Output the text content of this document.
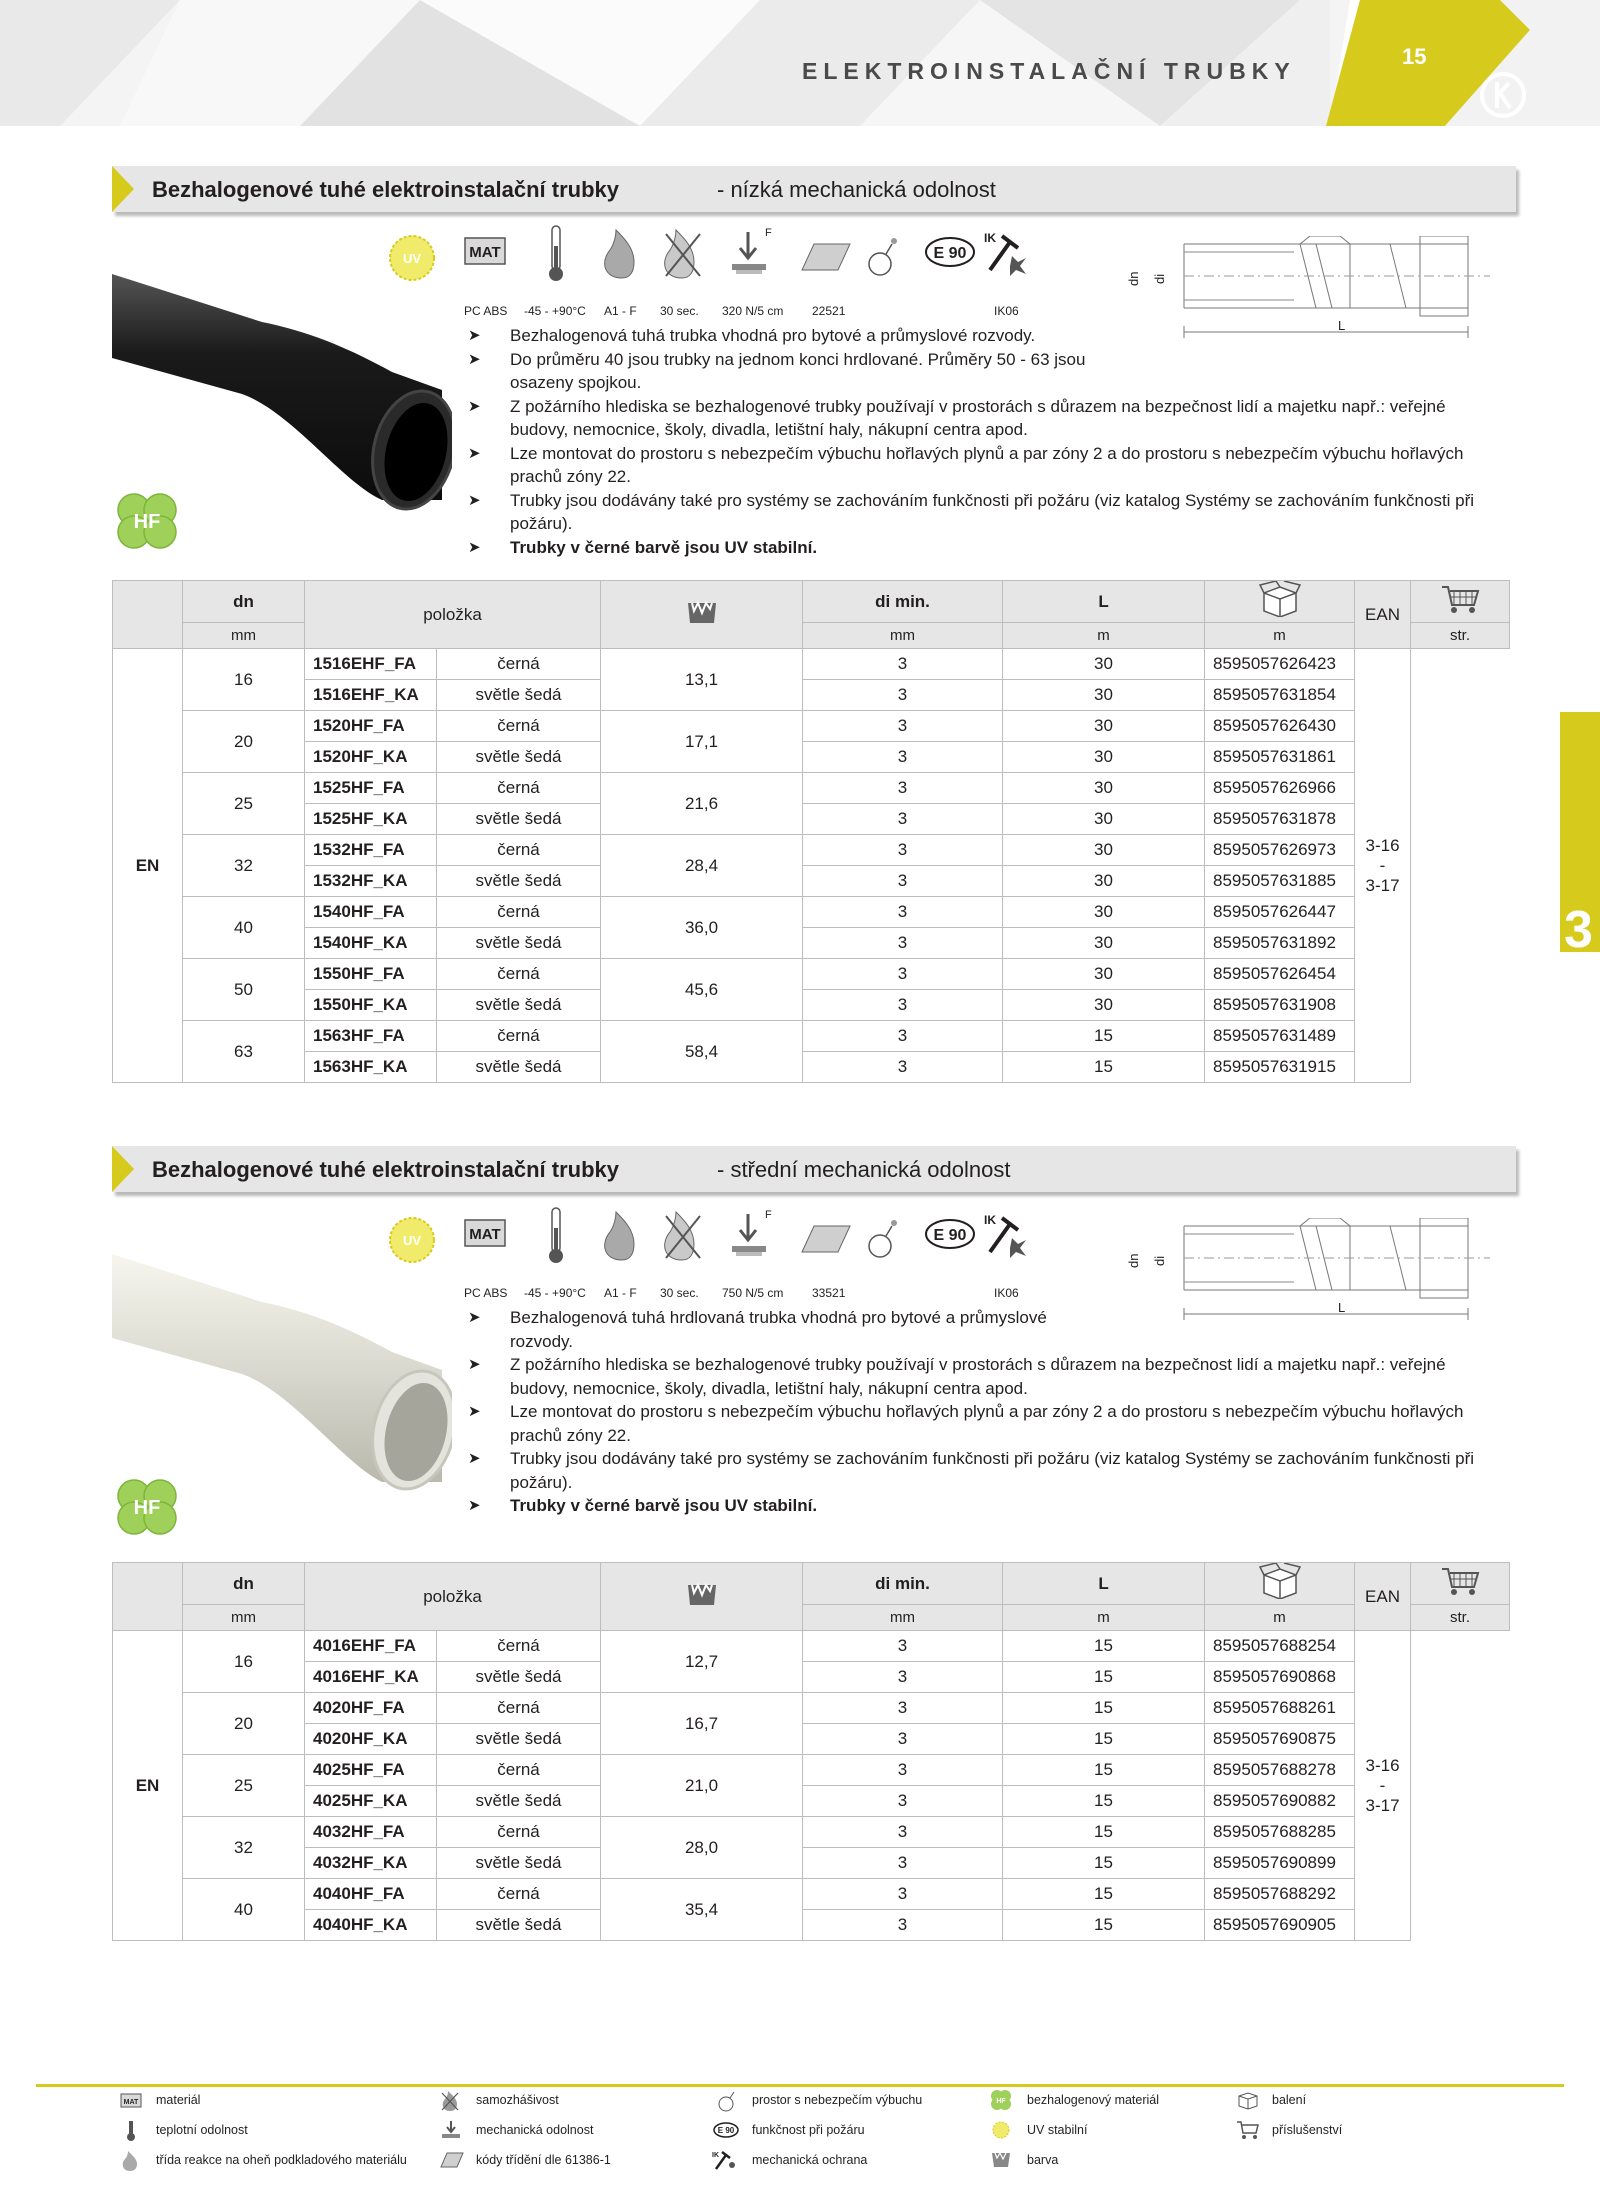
ELEKTROINSTALAČNÍ TRUBKY
15
3
Bezhalogenové tuhé elektroinstalační trubky	- nízká mechanická odolnost
UV	MAT
F
E 90
IK
PC ABS -45 - +90°C A1 - F 30 sec. 320 N/5 cm 22521	IK06
HF
dn di
L
➤ Bezhalogenová tuhá trubka vhodná pro bytové a průmyslové rozvody.
➤ Do průměru 40 jsou trubky na jednom konci hrdlované. Průměry 50 - 63 jsou osazeny spojkou.
➤ Z požárního hlediska se bezhalogenové trubky používají v prostorách s důrazem na bezpečnost lidí a majetku např.: veřejné budovy, nemocnice, školy, divadla, letištní haly, nákupní centra apod.
➤ Lze montovat do prostoru s nebezpečím výbuchu hořlavých plynů a par zóny 2 a do prostoru s nebezpečím výbuchu hořlavých prachů zóny 22.
➤ Trubky jsou dodávány také pro systémy se zachováním funkčnosti při požáru (viz katalog Systémy se zachováním funkčnosti při požáru).
➤ Trubky v černé barvě jsou UV stabilní.
	dn	položka			di min.	L		EAN	
	mm				mm	m	m		str.
EN	16	1516EHF_FA	černá	13,1	3	30	8595057626423	3-16
-
3-17	

		1516EHF_KA	světle šedá		3	30	8595057631854		
	20	1520HF_FA	černá	17,1	3	30	8595057626430		
		1520HF_KA	světle šedá		3	30	8595057631861		
	25	1525HF_FA	černá	21,6	3	30	8595057626966		
		1525HF_KA	světle šedá		3	30	8595057631878		
	32	1532HF_FA	černá	28,4	3	30	8595057626973		
		1532HF_KA	světle šedá		3	30	8595057631885		
	40	1540HF_FA	černá	36,0	3	30	8595057626447		
		1540HF_KA	světle šedá		3	30	8595057631892		
	50	1550HF_FA	černá	45,6	3	30	8595057626454		
		1550HF_KA	světle šedá		3	30	8595057631908		
	63	1563HF_FA	černá	58,4	3	15	8595057631489		
		1563HF_KA	světle šedá		3	15	8595057631915		
Bezhalogenové tuhé elektroinstalační trubky	- střední mechanická odolnost
UV	MAT
F
E 90
IK
PC ABS -45 - +90°C A1 - F 30 sec. 750 N/5 cm 33521	IK06
HF
dn di
L
➤ Bezhalogenová tuhá hrdlovaná trubka vhodná pro bytové a průmyslové rozvody.
➤ Z požárního hlediska se bezhalogenové trubky používají v prostorách s důrazem na bezpečnost lidí a majetku např.: veřejné budovy, nemocnice, školy, divadla, letištní haly, nákupní centra apod.
➤ Lze montovat do prostoru s nebezpečím výbuchu hořlavých plynů a par zóny 2 a do prostoru s nebezpečím výbuchu hořlavých prachů zóny 22.
➤ Trubky jsou dodávány také pro systémy se zachováním funkčnosti při požáru (viz katalog Systémy se zachováním funkčnosti při požáru).
➤ Trubky v černé barvě jsou UV stabilní.
	dn	položka			di min.	L		EAN	
	mm				mm	m	m		str.
EN	16	4016EHF_FA	černá	12,7	3	15	8595057688254	3-16
-
3-17	

		4016EHF_KA	světle šedá		3	15	8595057690868		
	20	4020HF_FA	černá	16,7	3	15	8595057688261		
		4020HF_KA	světle šedá		3	15	8595057690875		
	25	4025HF_FA	černá	21,0	3	15	8595057688278		
		4025HF_KA	světle šedá		3	15	8595057690882		
	32	4032HF_FA	černá	28,0	3	15	8595057688285		
		4032HF_KA	světle šedá		3	15	8595057690899		
	40	4040HF_FA	černá	35,4	3	15	8595057688292		
		4040HF_KA	světle šedá		3	15	8595057690905		
MAT materiál
teplotní odolnost
třída reakce na oheň podkladového materiálu
samozhášivost
mechanická odolnost
kódy třídění dle 61386-1
prostor s nebezpečím výbuchu
E 90 funkčnost při požáru
IK	mechanická ochrana
HF bezhalogenový materiál
UV stabilní
barva
balení
příslušenství
